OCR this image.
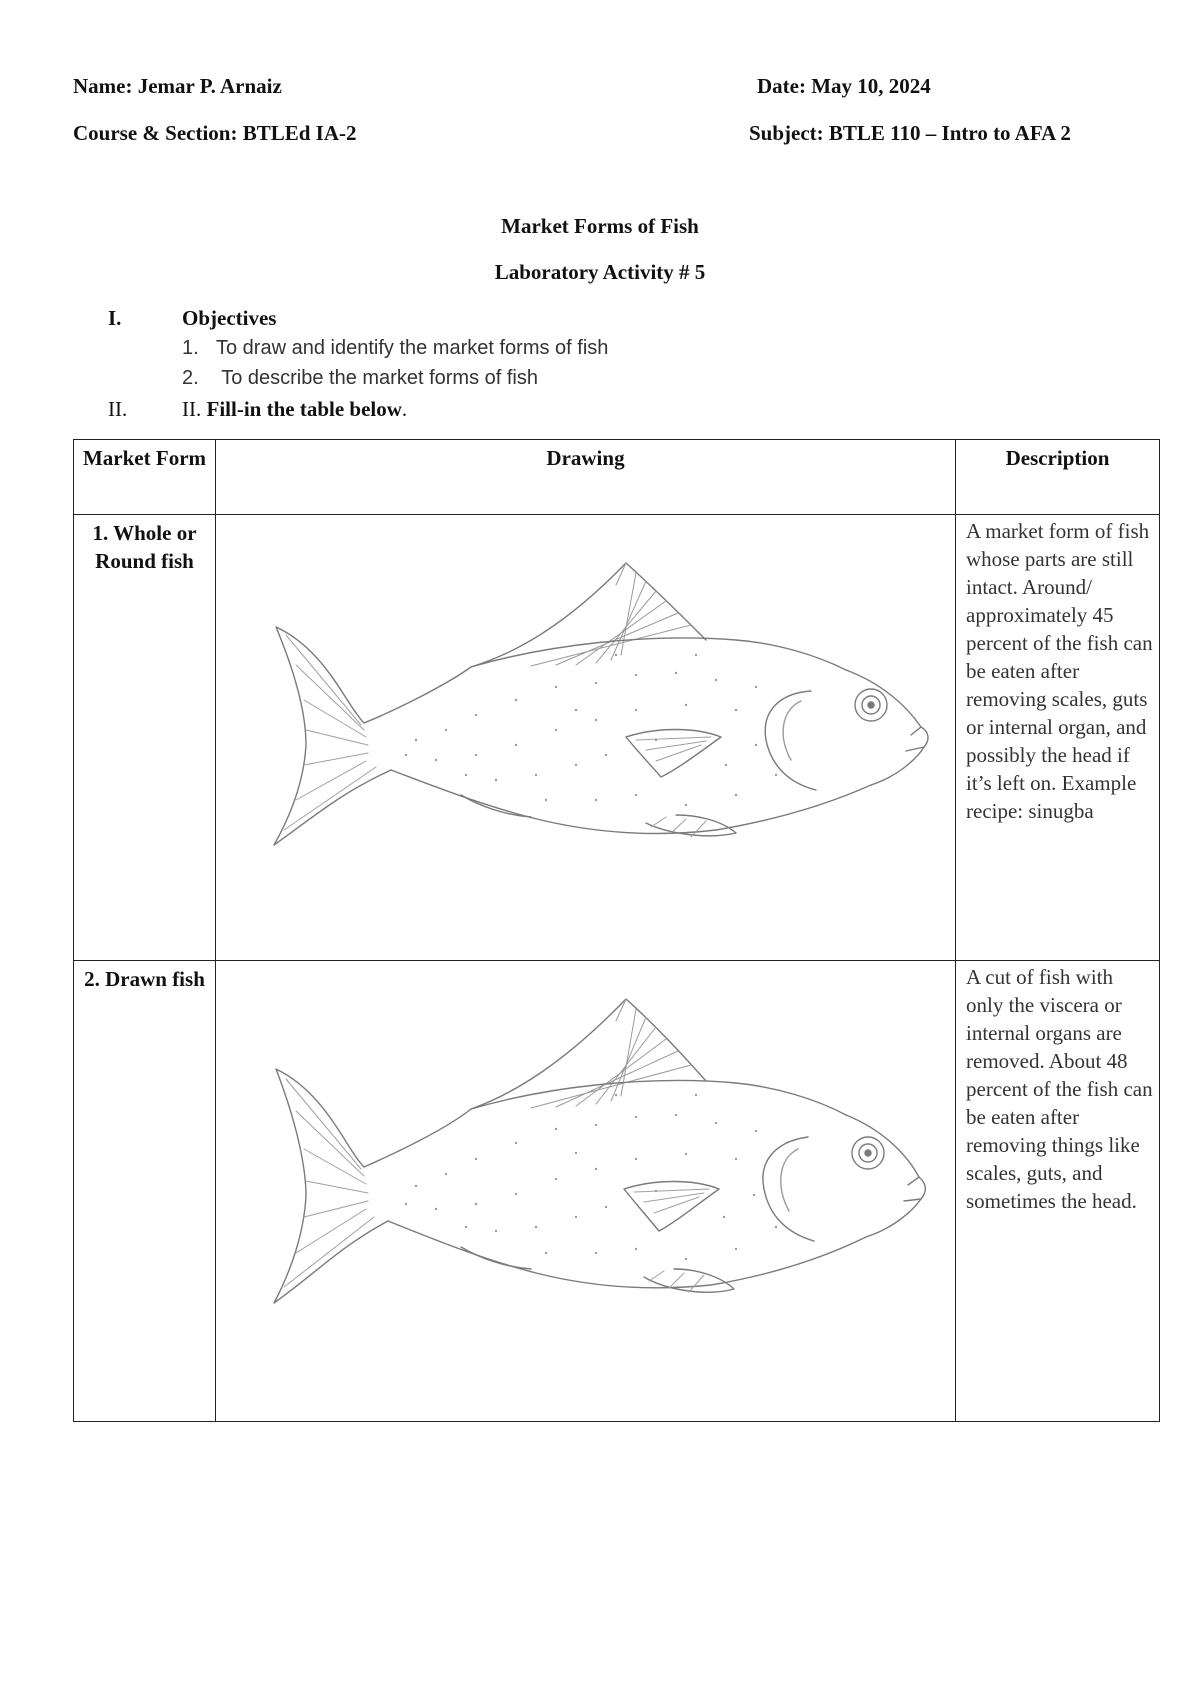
Name: Jemar P. Arnaiz	Date: May 10, 2024
Course & Section: BTLEd IA-2	Subject: BTLE 110 – Intro to AFA 2
Market Forms of Fish
Laboratory Activity # 5
I.	Objectives
1. To draw and identify the market forms of fish
2. To describe the market forms of fish
II.	II. Fill-in the table below.
Market Form	Drawing	Description
1. Whole or Round fish		A market form of fish whose parts are still intact. Around/ approximately 45 percent of the fish can be eaten after removing scales, guts or internal organ, and possibly the head if it’s left on. Example recipe: sinugba
2. Drawn fish		A cut of fish with only the viscera or internal organs are removed. About 48 percent of the fish can be eaten after removing things like scales, guts, and sometimes the head.
